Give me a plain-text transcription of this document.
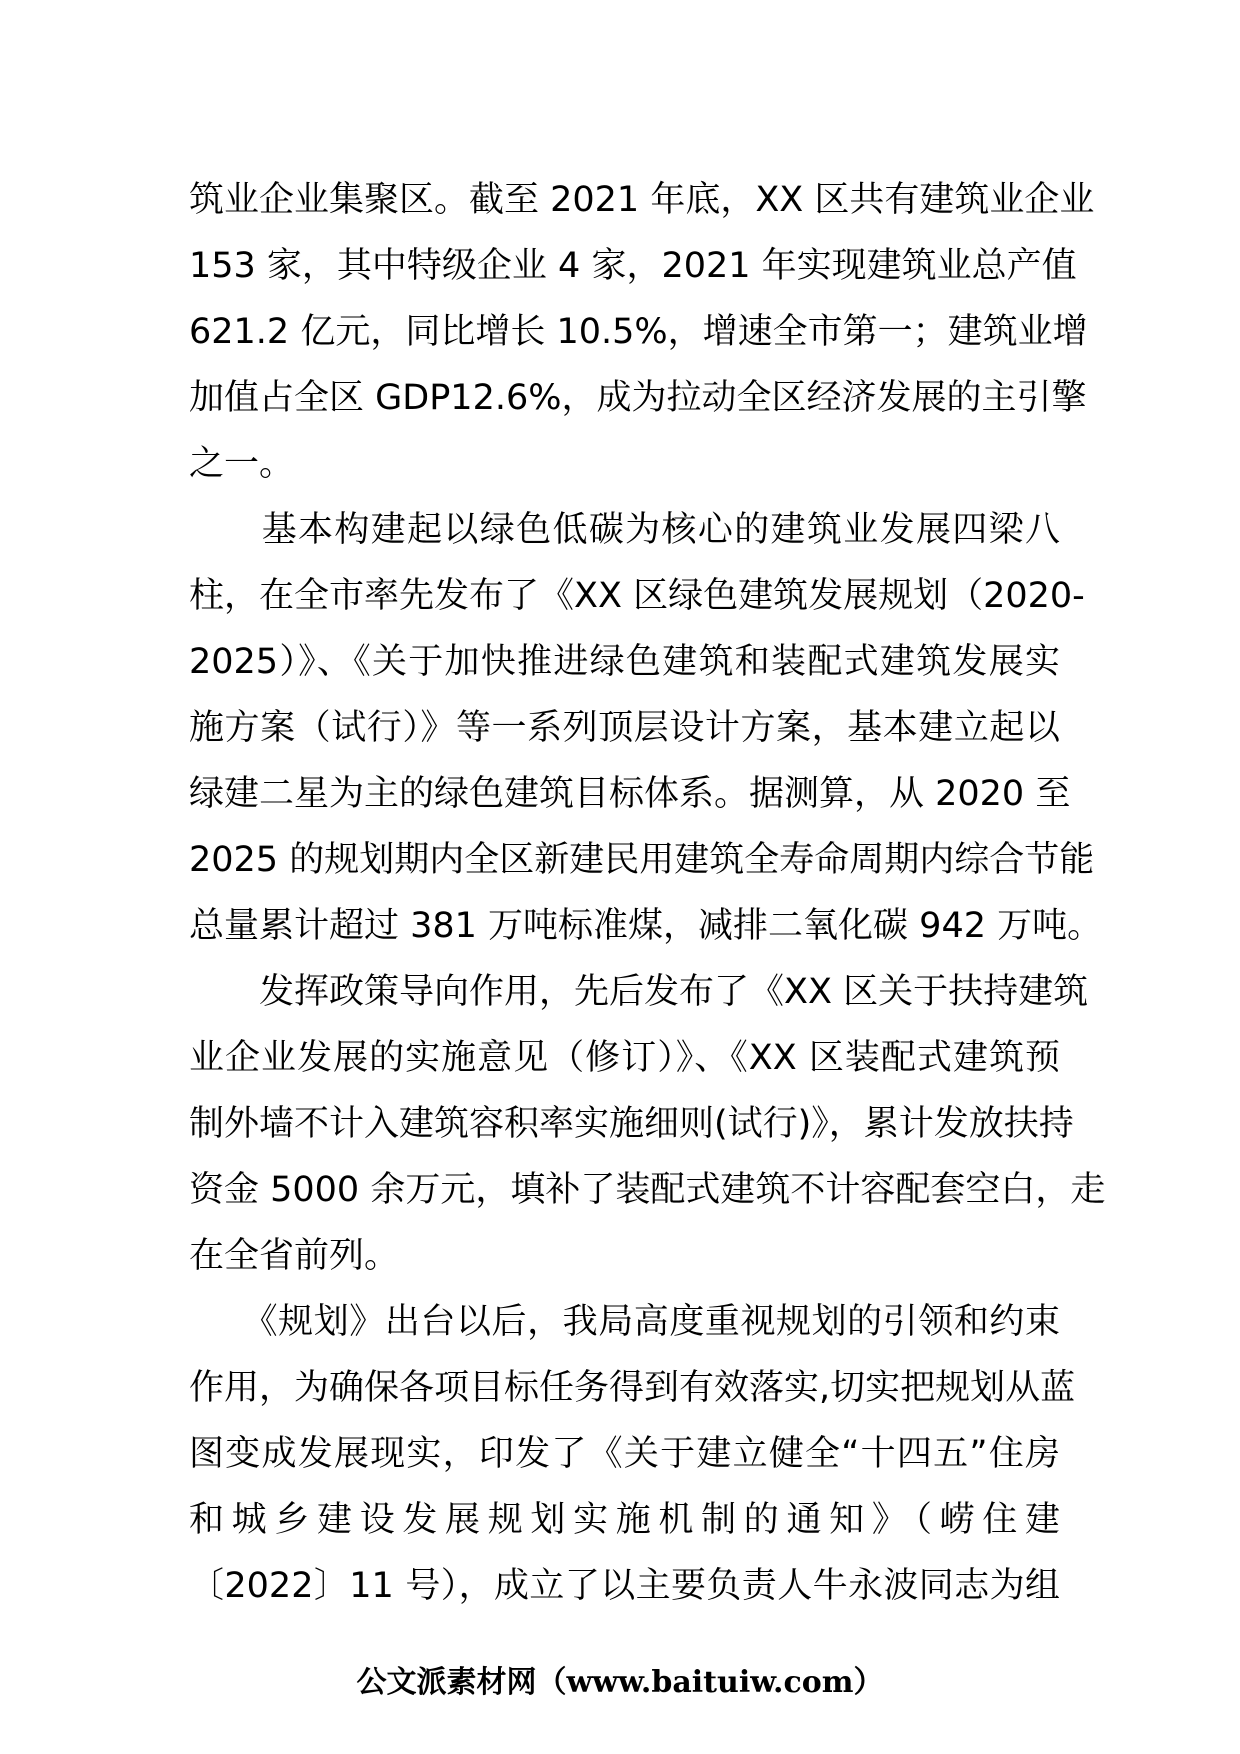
筑业企业集聚区。截至 2021 年底，XX 区共有建筑业企业
153 家，其中特级企业 4 家，2021 年实现建筑业总产值
621.2 亿元，同比增长 10.5%，增速全市第一；建筑业增
加值占全区 GDP12.6%，成为拉动全区经济发展的主引擎
之一。
　　基本构建起以绿色低碳为核心的建筑业发展四梁八
柱，在全市率先发布了《XX 区绿色建筑发展规划（2020-
2025）》、《关于加快推进绿色建筑和装配式建筑发展实
施方案（试行）》等一系列顶层设计方案，基本建立起以
绿建二星为主的绿色建筑目标体系。据测算，从 2020 至
2025 的规划期内全区新建民用建筑全寿命周期内综合节能
总量累计超过 381 万吨标准煤，减排二氧化碳 942 万吨。
　　发挥政策导向作用，先后发布了《XX 区关于扶持建筑
业企业发展的实施意见（修订）》、《XX 区装配式建筑预
制外墙不计入建筑容积率实施细则(试行)》，累计发放扶持
资金 5000 余万元，填补了装配式建筑不计容配套空白，走
在全省前列。
　　《规划》出台以后，我局高度重视规划的引领和约束
作用，为确保各项目标任务得到有效落实,切实把规划从蓝
图变成发展现实，印发了《关于建立健全“十四五”住房
和城乡建设发展规划实施机制的通知》（崂住建
〔2022〕11 号），成立了以主要负责人牛永波同志为组
公文派素材网（www.baituiw.com）
